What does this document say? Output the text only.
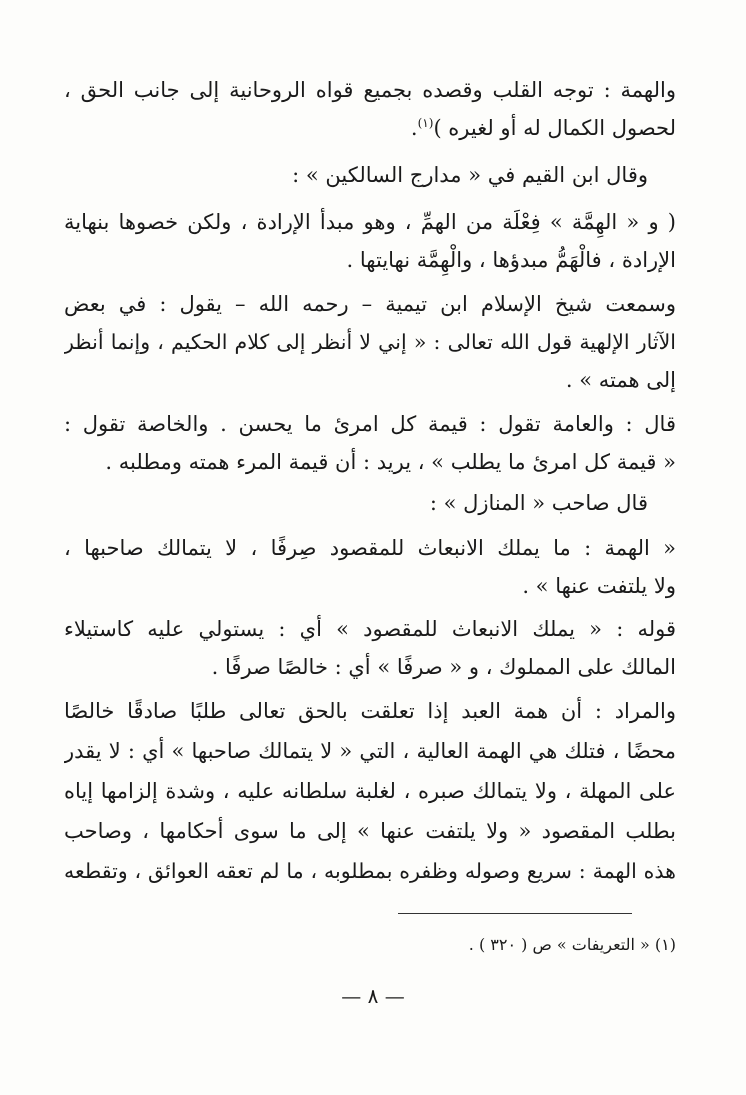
والهمة : توجه القلب وقصده بجميع قواه الروحانية إلى جانب الحق ،
لحصول الكمال له أو لغيره )$^{(١)}$.
وقال ابن القيم في « مدارج السالكين » :
( و « الهِمَّة » فِعْلَة من الهمِّ ، وهو مبدأ الإرادة ، ولكن خصوها بنهاية
الإرادة ، فالْهَمُّ مبدؤها ، والْهِمَّة نهايتها .
وسمعت شيخ الإسلام ابن تيمية – رحمه الله – يقول : في بعض
الآثار الإلهية قول الله تعالى : « إني لا أنظر إلى كلام الحكيم ، وإنما أنظر
إلى همته » .
قال : والعامة تقول : قيمة كل امرئ ما يحسن . والخاصة تقول :
« قيمة كل امرئ ما يطلب » ، يريد : أن قيمة المرء همته ومطلبه .
قال صاحب « المنازل » :
« الهمة : ما يملك الانبعاث للمقصود صِرفًا ، لا يتمالك صاحبها ،
ولا يلتفت عنها » .
قوله : « يملك الانبعاث للمقصود » أي : يستولي عليه كاستيلاء
المالك على المملوك ، و « صرفًا » أي : خالصًا صرفًا .
والمراد : أن همة العبد إذا تعلقت بالحق تعالى طلبًا صادقًا خالصًا
محضًا ، فتلك هي الهمة العالية ، التي « لا يتمالك صاحبها » أي : لا يقدر
على المهلة ، ولا يتمالك صبره ، لغلبة سلطانه عليه ، وشدة إلزامها إياه
بطلب المقصود « ولا يلتفت عنها » إلى ما سوى أحكامها ، وصاحب
هذه الهمة : سريع وصوله وظفره بمطلوبه ، ما لم تعقه العوائق ، وتقطعه
(١) « التعريفات » ص ( ٣٢٠ ) .
— ٨ —
